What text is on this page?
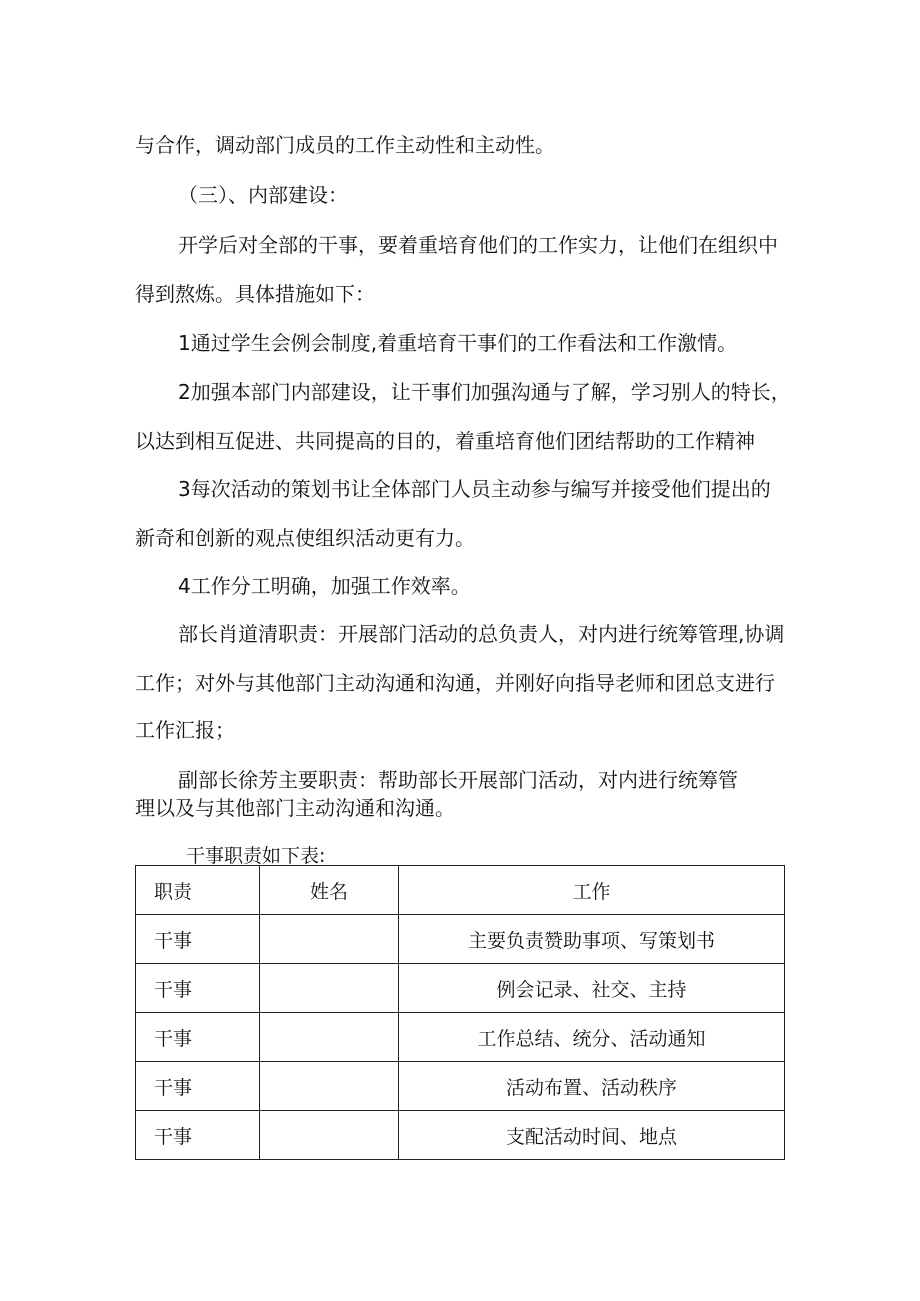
与合作，调动部门成员的工作主动性和主动性。
（三）、内部建设：
开学后对全部的干事，要着重培育他们的工作实力，让他们在组织中
得到熬炼。具体措施如下：
1通过学生会例会制度,着重培育干事们的工作看法和工作激情。
2加强本部门内部建设，让干事们加强沟通与了解，学习别人的特长，
以达到相互促进、共同提高的目的，着重培育他们团结帮助的工作精神
3每次活动的策划书让全体部门人员主动参与编写并接受他们提出的
新奇和创新的观点使组织活动更有力。
4工作分工明确，加强工作效率。
部长肖道清职责：开展部门活动的总负责人，对内进行统筹管理,协调
工作；对外与其他部门主动沟通和沟通，并刚好向指导老师和团总支进行
工作汇报；
副部长徐芳主要职责：帮助部长开展部门活动，对内进行统筹管
理以及与其他部门主动沟通和沟通。
干事职责如下表:
职责	姓名	工作
干事		主要负责赞助事项、写策划书
干事		例会记录、社交、主持
干事		工作总结、统分、活动通知
干事		活动布置、活动秩序
干事		支配活动时间、地点
